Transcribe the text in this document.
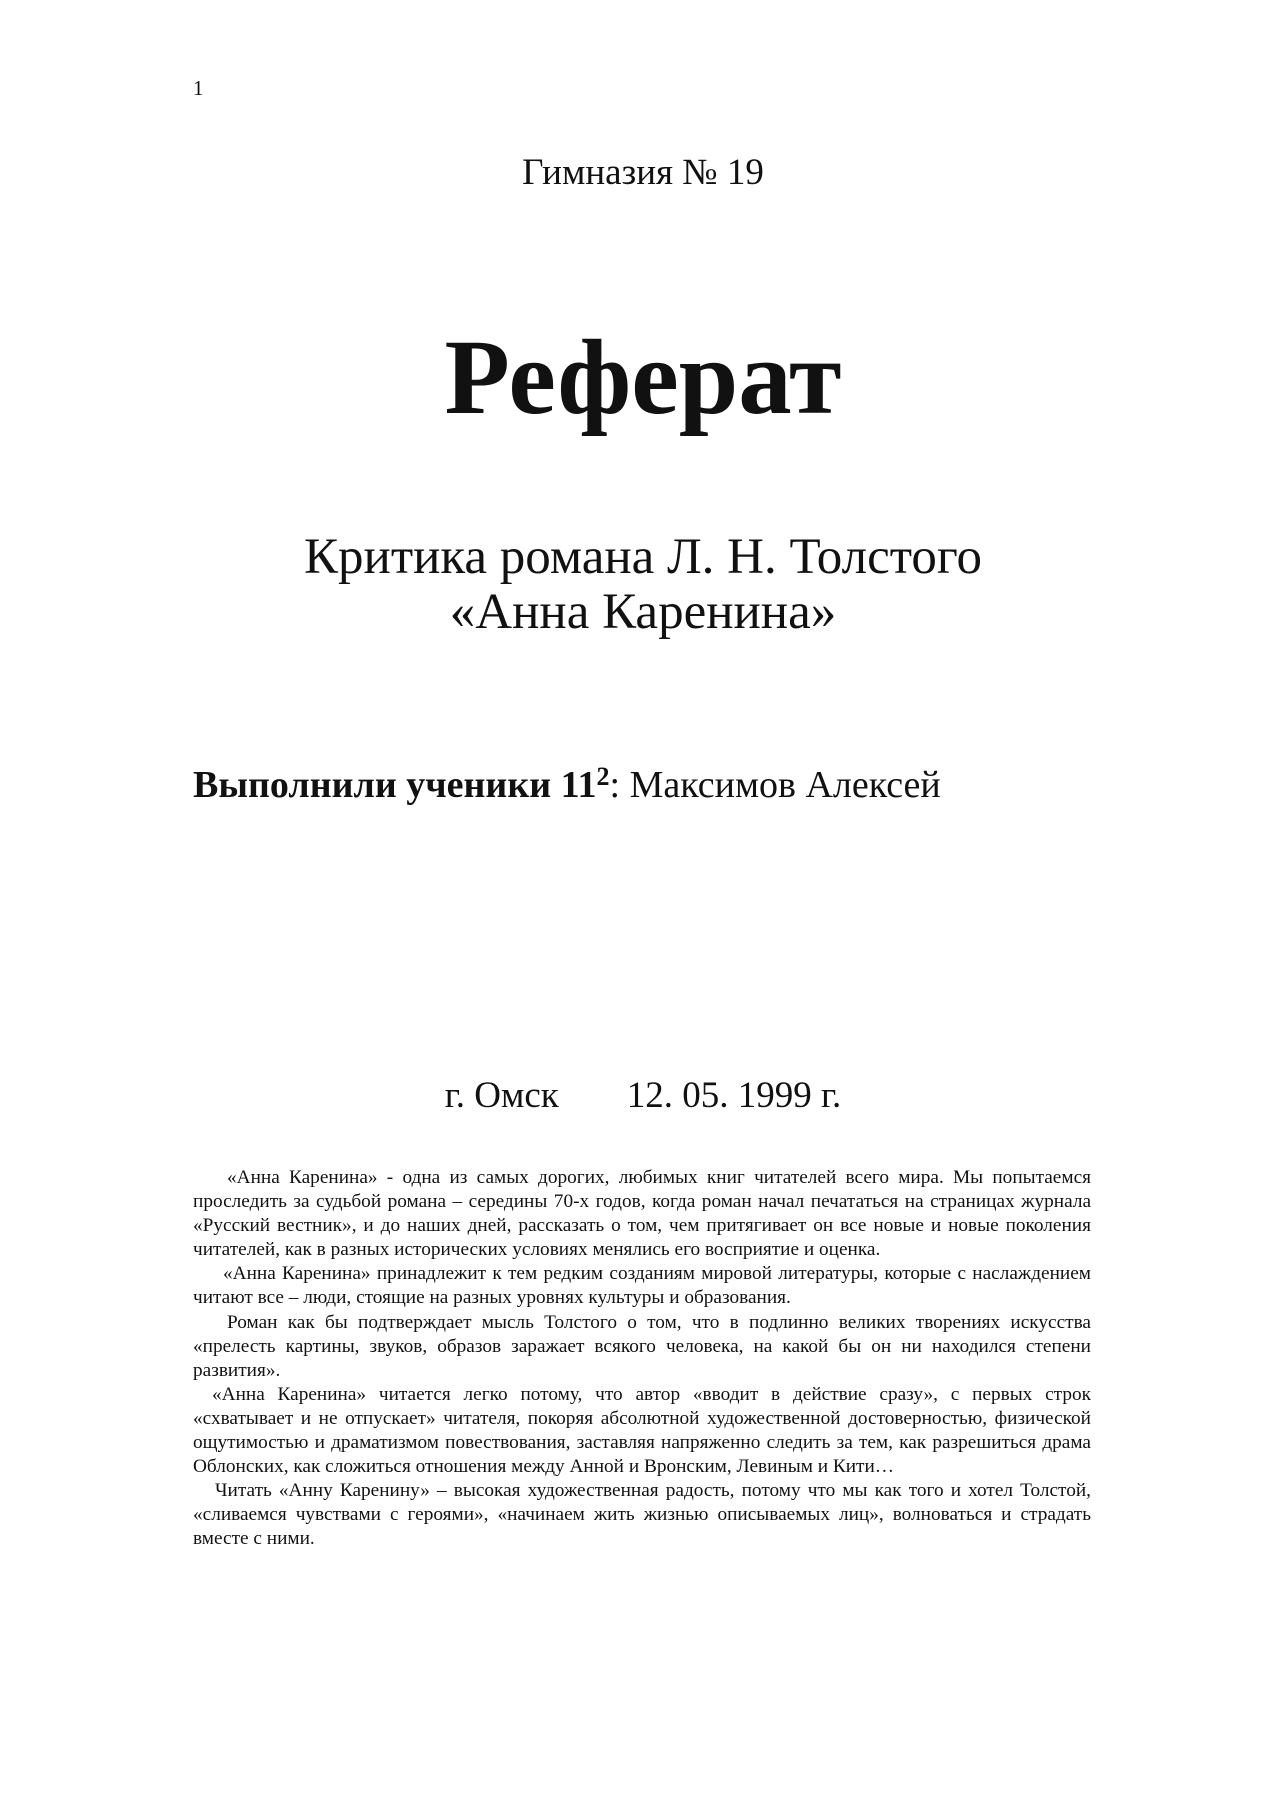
1
Гимназия № 19
Реферат
Критика романа Л. Н. Толстого
«Анна Каренина»
Выполнили ученики $11^2$: Максимов Алексей
г. Омск 12. 05. 1999 г.

«Анна Каренина» - одна из самых дорогих, любимых книг читателей всего мира. Мы попытаемся проследить за судьбой романа – середины 70-х годов, когда роман начал печататься на страницах журнала «Русский вестник», и до наших дней, рассказать о том, чем притягивает он все новые и новые поколения читателей, как в разных исторических условиях менялись его восприятие и оценка.

«Анна Каренина» принадлежит к тем редким созданиям мировой литературы, которые с наслаждением читают все – люди, стоящие на разных уровнях культуры и образования.

Роман как бы подтверждает мысль Толстого о том, что в подлинно великих творениях искусства «прелесть картины, звуков, образов заражает всякого человека, на какой бы он ни находился степени развития».

«Анна Каренина» читается легко потому, что автор «вводит в действие сразу», с первых строк «схватывает и не отпускает» читателя, покоряя абсолютной художественной достоверностью, физической ощутимостью и драматизмом повествования, заставляя напряженно следить за тем, как разрешиться драма Облонских, как сложиться отношения между Анной и Вронским, Левиным и Кити…

Читать «Анну Каренину» – высокая художественная радость, потому что мы как того и хотел Толстой, «сливаемся чувствами с героями», «начинаем жить жизнью описываемых лиц», волноваться и страдать вместе с ними.
